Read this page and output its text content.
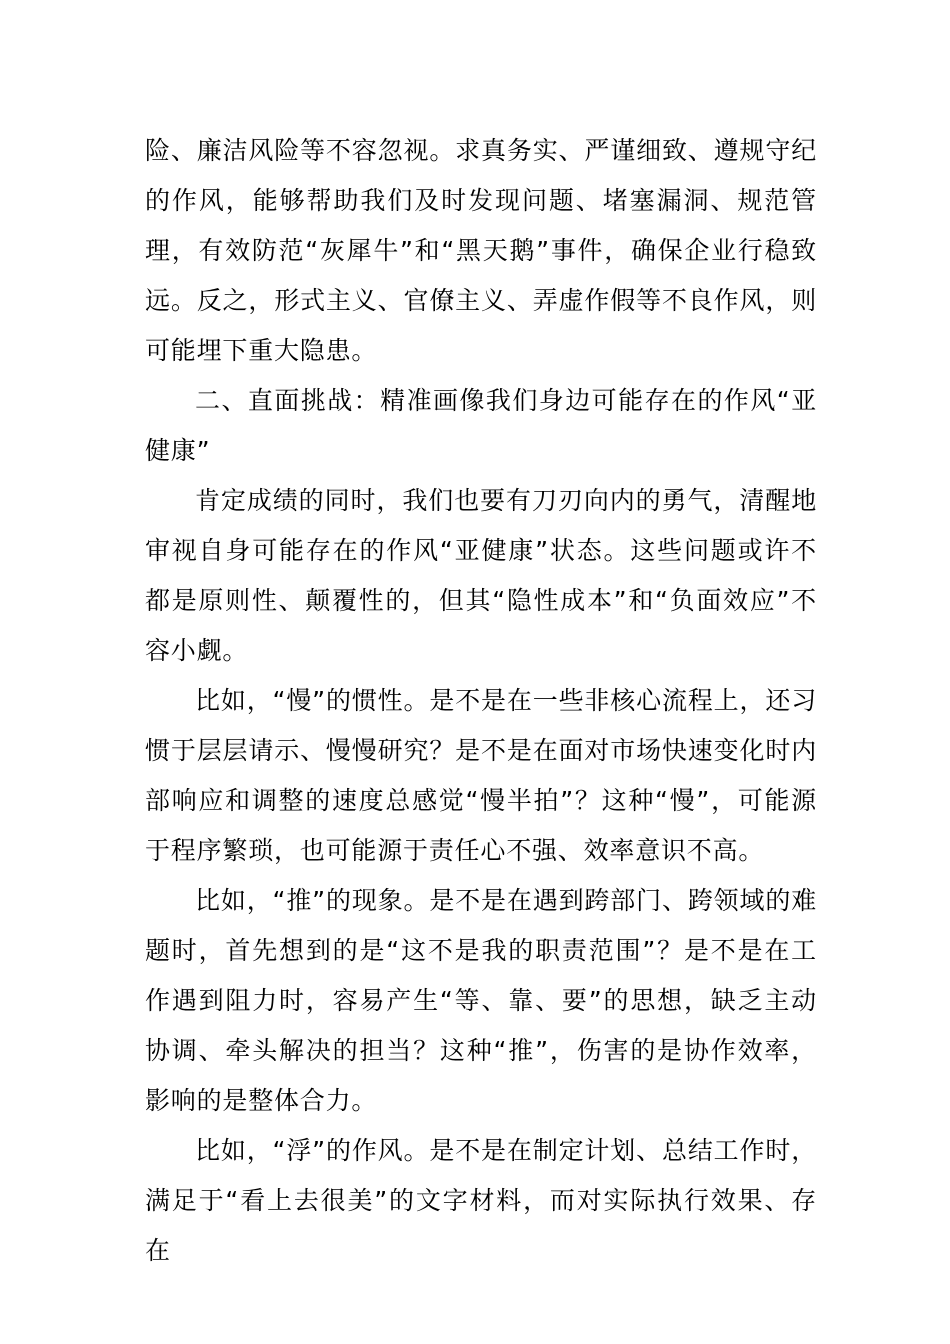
险、廉洁风险等不容忽视。求真务实、严谨细致、遵规守纪的作风，能够帮助我们及时发现问题、堵塞漏洞、规范管理，有效防范“灰犀牛”和“黑天鹅”事件，确保企业行稳致远。反之，形式主义、官僚主义、弄虚作假等不良作风，则可能埋下重大隐患。

二、直面挑战：精准画像我们身边可能存在的作风“亚健康”

肯定成绩的同时，我们也要有刀刃向内的勇气，清醒地审视自身可能存在的作风“亚健康”状态。这些问题或许不都是原则性、颠覆性的，但其“隐性成本”和“负面效应”不容小觑。

比如，“慢”的惯性。是不是在一些非核心流程上，还习惯于层层请示、慢慢研究？是不是在面对市场快速变化时内部响应和调整的速度总感觉“慢半拍”？这种“慢”，可能源于程序繁琐，也可能源于责任心不强、效率意识不高。

比如，“推”的现象。是不是在遇到跨部门、跨领域的难题时，首先想到的是“这不是我的职责范围”？是不是在工作遇到阻力时，容易产生“等、靠、要”的思想，缺乏主动协调、牵头解决的担当？这种“推”，伤害的是协作效率，影响的是整体合力。

比如，“浮”的作风。是不是在制定计划、总结工作时，满足于“看上去很美”的文字材料，而对实际执行效果、存在
